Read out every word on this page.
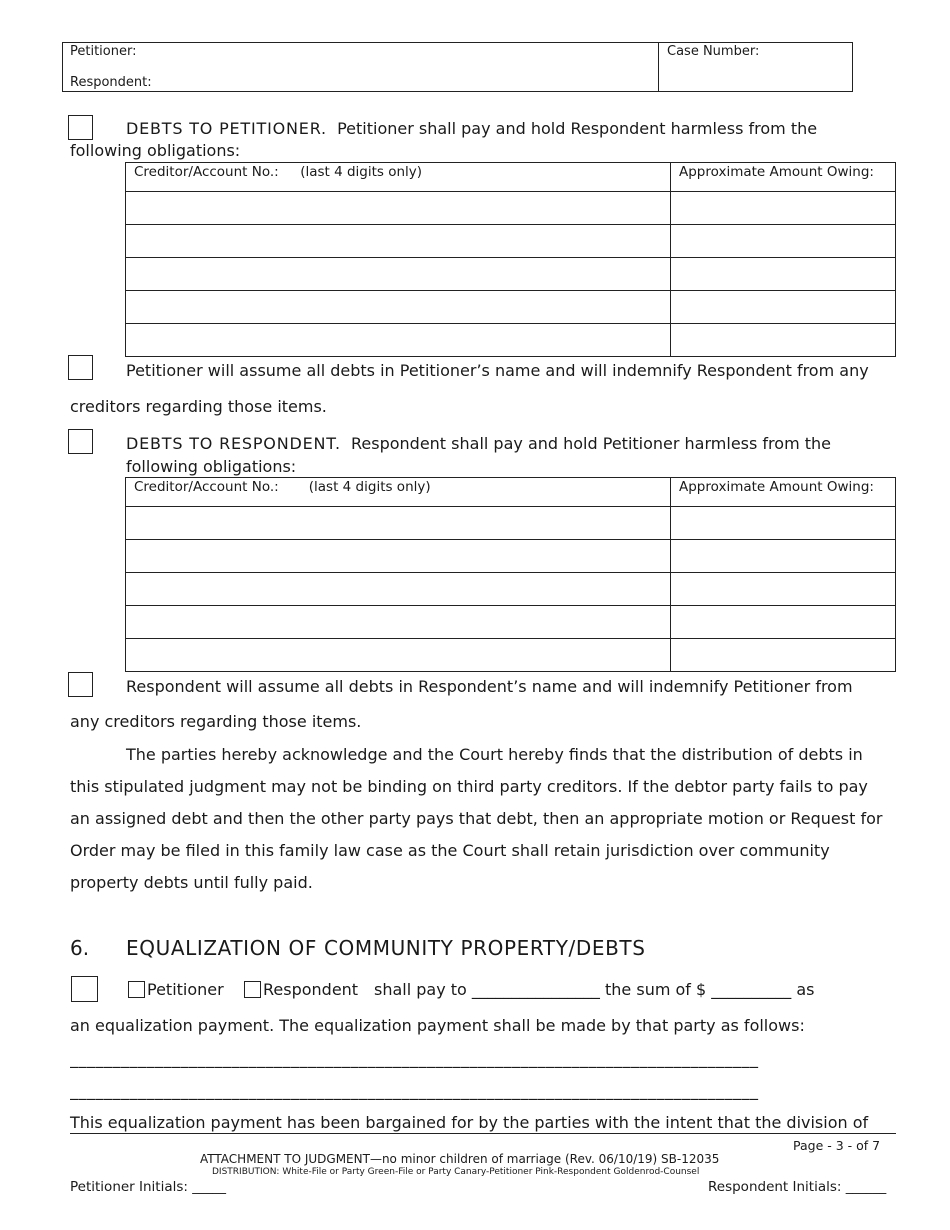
Petitioner:
Respondent:
Case Number:
DEBTS TO PETITIONER. Petitioner shall pay and hold Respondent harmless from the
following obligations:
Creditor/Account No.: (last 4 digits only)	Approximate Amount Owing:

Petitioner will assume all debts in Petitioner’s name and will indemnify Respondent from any
creditors regarding those items.
DEBTS TO RESPONDENT. Respondent shall pay and hold Petitioner harmless from the
following obligations:
Creditor/Account No.: (last 4 digits only)	Approximate Amount Owing:

Respondent will assume all debts in Respondent’s name and will indemnify Petitioner from
any creditors regarding those items.
The parties hereby acknowledge and the Court hereby finds that the distribution of debts in
this stipulated judgment may not be binding on third party creditors. If the debtor party fails to pay
an assigned debt and then the other party pays that debt, then an appropriate motion or Request for
Order may be filed in this family law case as the Court shall retain jurisdiction over community
property debts until fully paid.
6. EQUALIZATION OF COMMUNITY PROPERTY/DEBTS
Petitioner Respondent shall pay to ________________ the sum of $ __________ as
an equalization payment. The equalization payment shall be made by that party as follows:
_________________________________________________________________________________
_________________________________________________________________________________
This equalization payment has been bargained for by the parties with the intent that the division of
Page - 3 - of 7
ATTACHMENT TO JUDGMENT—no minor children of marriage (Rev. 06/10/19) SB-12035
DISTRIBUTION: White-File or Party Green-File or Party Canary-Petitioner Pink-Respondent Goldenrod-Counsel
Petitioner Initials: _____	Respondent Initials: ______
